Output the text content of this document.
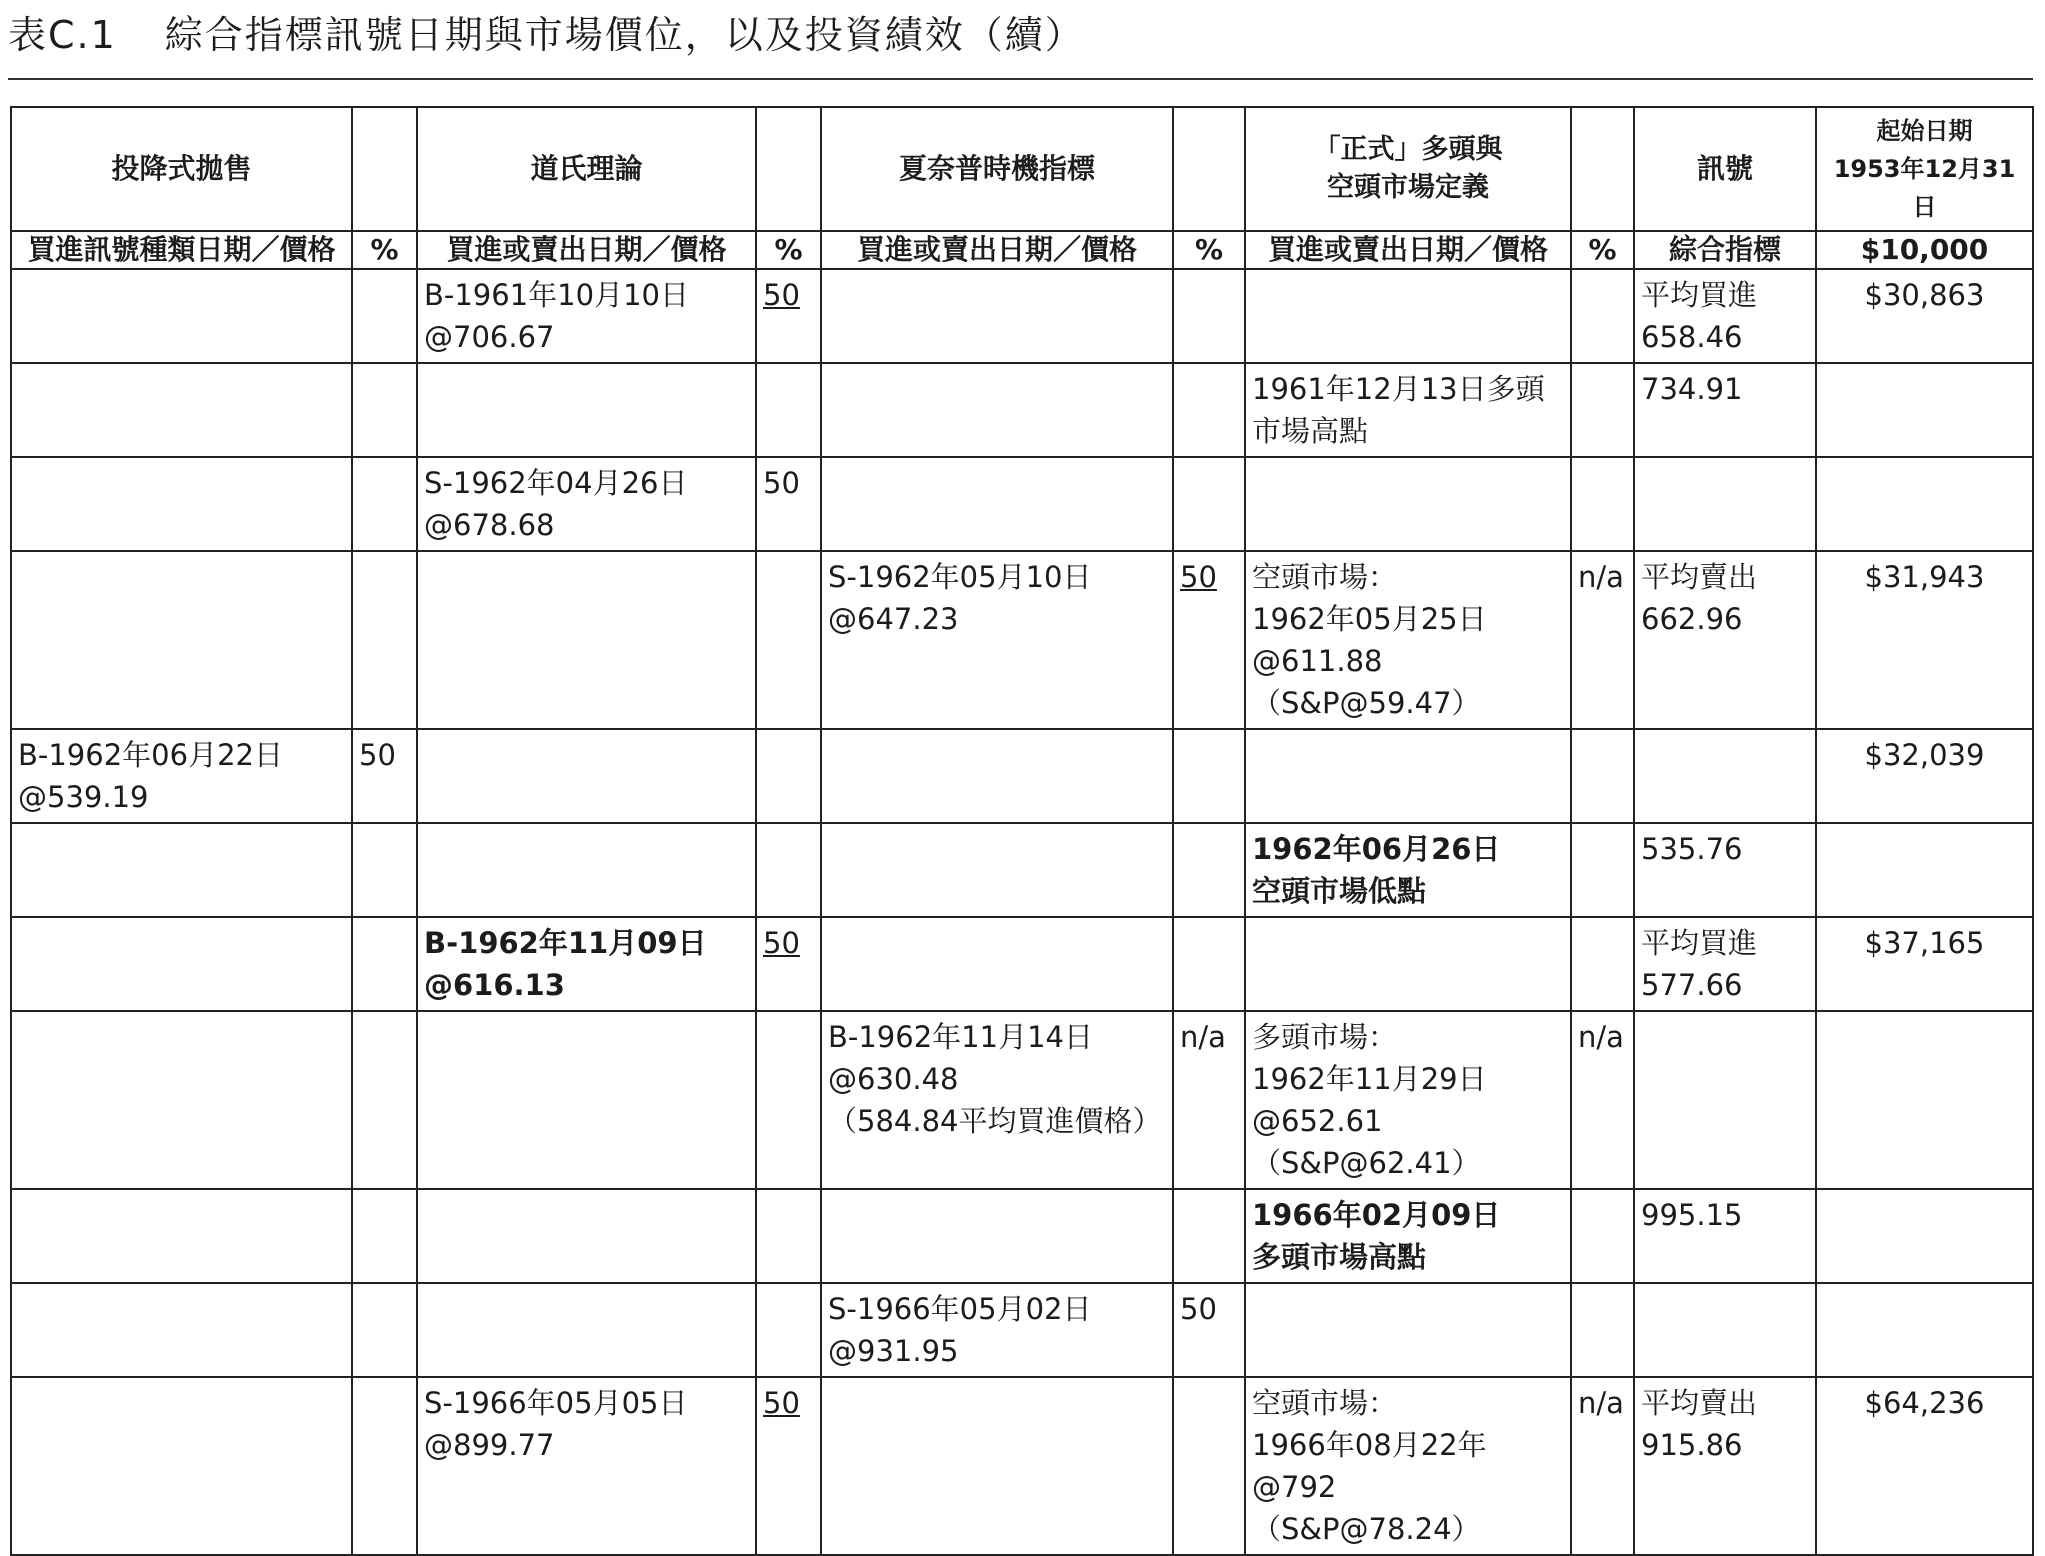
表C.1 綜合指標訊號日期與市場價位，以及投資績效（續）
投降式拋售		道氏理論		夏奈普時機指標		「正式」多頭與
空頭市場定義		訊號	起始日期
1953年12月31日
買進訊號種類日期／價格	%	買進或賣出日期／價格	%	買進或賣出日期／價格	%	買進或賣出日期／價格	%	綜合指標	$10,000
		B-1961年10月10日
@706.67	50					平均買進
658.46	$30,863
						1961年12月13日多頭
市場高點		734.91	
		S-1962年04月26日
@678.68	50						
				S-1962年05月10日
@647.23	50	空頭市場：
1962年05月25日
@611.88（S&P@59.47）	n/a	平均賣出
662.96	$31,943
B-1962年06月22日
@539.19	50								$32,039
						1962年06月26日
空頭市場低點		535.76	
		B-1962年11月09日
@616.13	50					平均買進
577.66	$37,165
				B-1962年11月14日
@630.48
（584.84平均買進價格）	n/a	多頭市場：
1962年11月29日
@652.61（S&P@62.41）	n/a		
						1966年02月09日
多頭市場高點		995.15	
				S-1966年05月02日
@931.95	50				
		S-1966年05月05日
@899.77	50			空頭市場：
1966年08月22年
@792
（S&P@78.24）	n/a	平均賣出
915.86	$64,236
